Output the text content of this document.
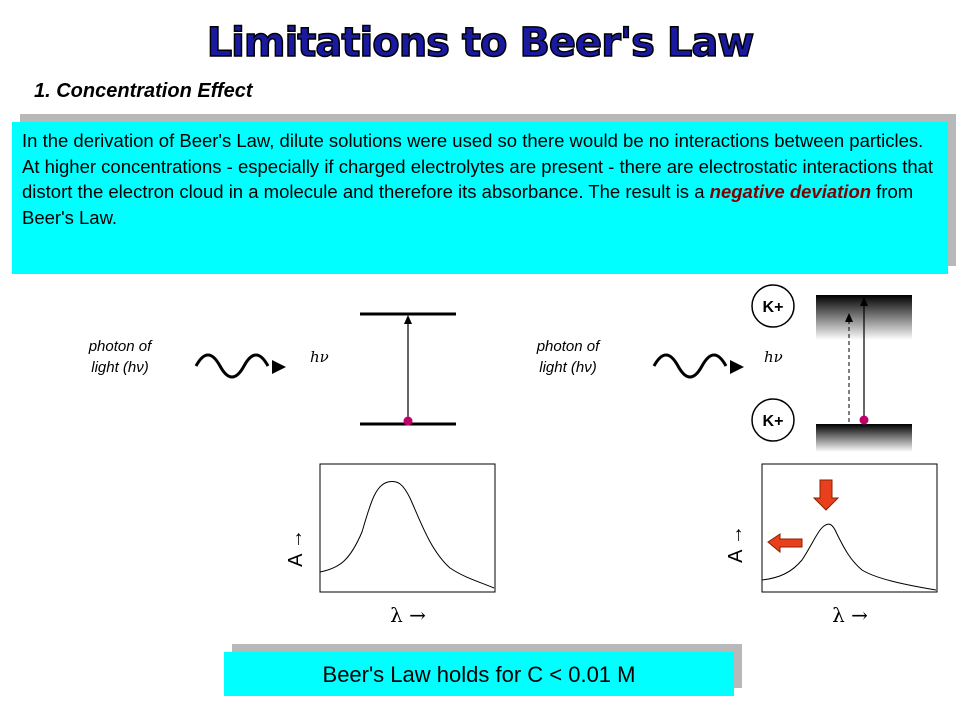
Limitations to Beer's Law
1. Concentration Effect
In the derivation of Beer's Law, dilute solutions were used so there would be no interactions between particles. At higher concentrations - especially if charged electrolytes are present - there are electrostatic interactions that distort the electron cloud in a molecule and therefore its absorbance. The result is a negative deviation from Beer's Law.
photon of
light (hν)
hν
photon of
light (hν)
hν
K+
K+
A →
λ →
A →
λ →
Beer's Law holds for C < 0.01 M
